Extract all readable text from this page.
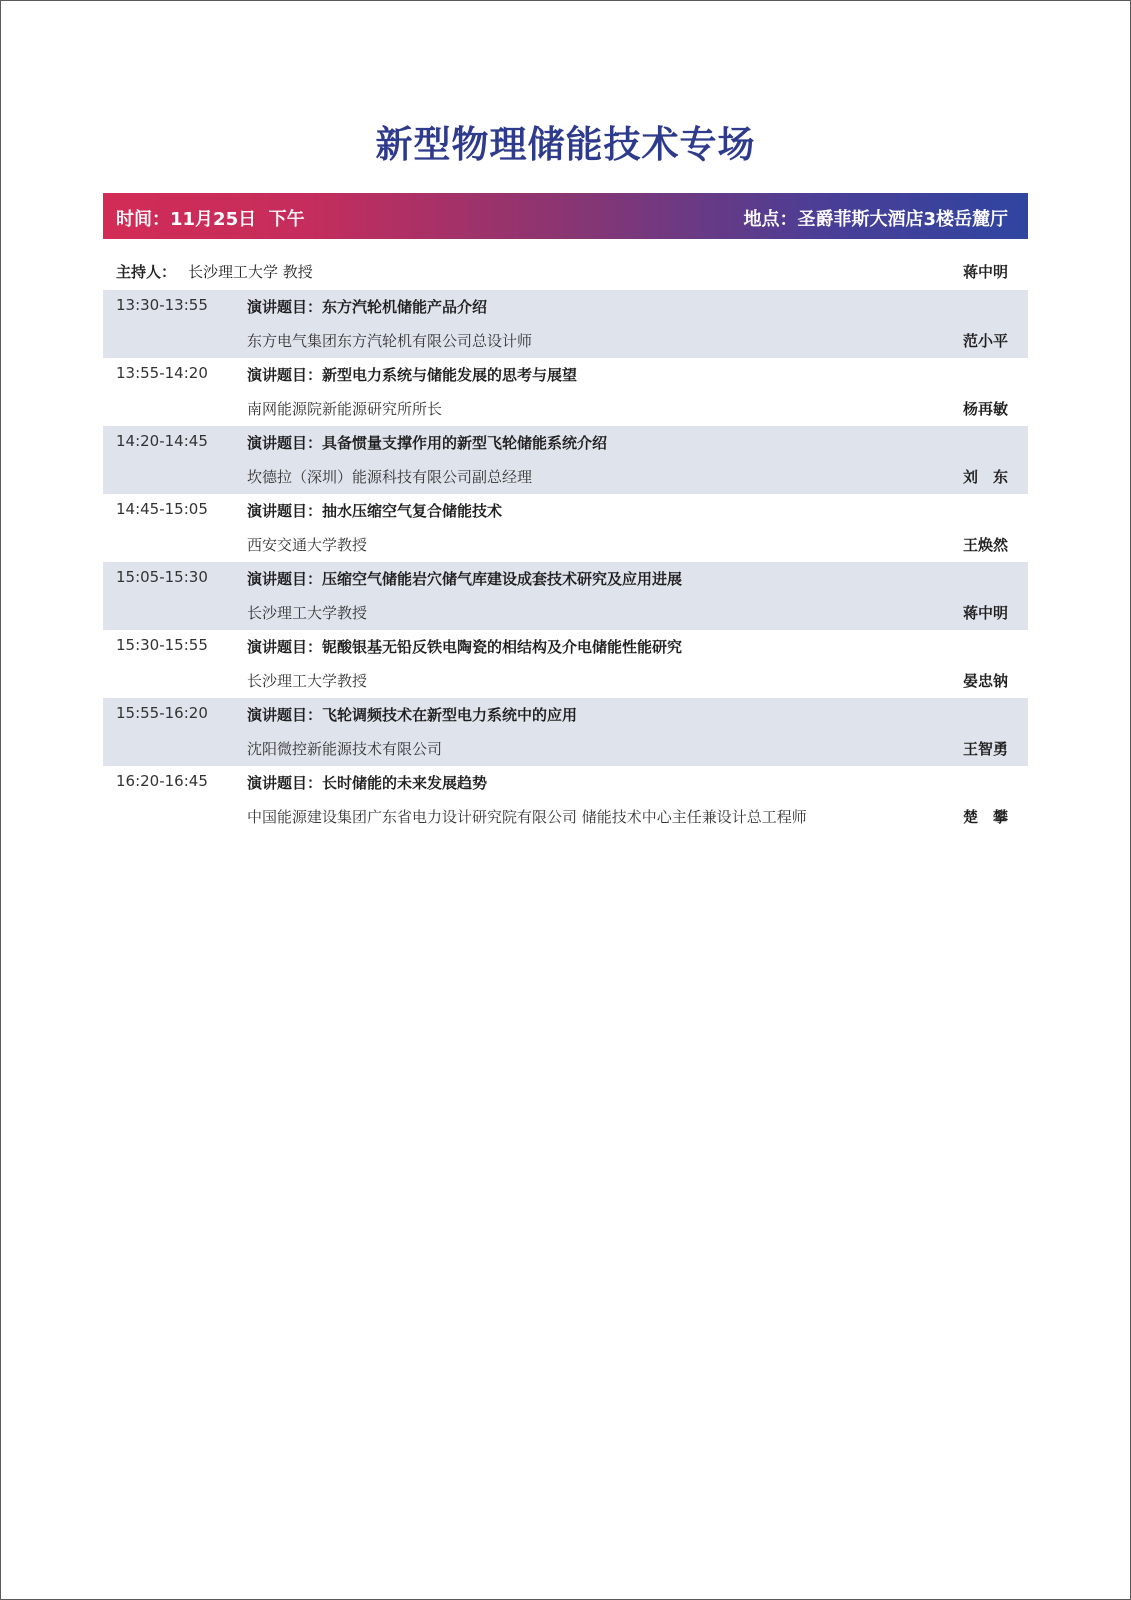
新型物理储能技术专场
时间：11月25日  下午	地点：圣爵菲斯大酒店3楼岳麓厅
主持人： 长沙理工大学 教授	蒋中明
13:30-13:55	演讲题目：东方汽轮机储能产品介绍
东方电气集团东方汽轮机有限公司总设计师	范小平
13:55-14:20	演讲题目：新型电力系统与储能发展的思考与展望
南网能源院新能源研究所所长	杨再敏
14:20-14:45	演讲题目：具备惯量支撑作用的新型飞轮储能系统介绍
坎德拉（深圳）能源科技有限公司副总经理	刘　东
14:45-15:05	演讲题目：抽水压缩空气复合储能技术
西安交通大学教授	王焕然
15:05-15:30	演讲题目：压缩空气储能岩穴储气库建设成套技术研究及应用进展
长沙理工大学教授	蒋中明
15:30-15:55	演讲题目：铌酸银基无铅反铁电陶瓷的相结构及介电储能性能研究
长沙理工大学教授	晏忠钠
15:55-16:20	演讲题目：飞轮调频技术在新型电力系统中的应用
沈阳微控新能源技术有限公司	王智勇
16:20-16:45	演讲题目：长时储能的未来发展趋势
中国能源建设集团广东省电力设计研究院有限公司 储能技术中心主任兼设计总工程师	楚　攀
